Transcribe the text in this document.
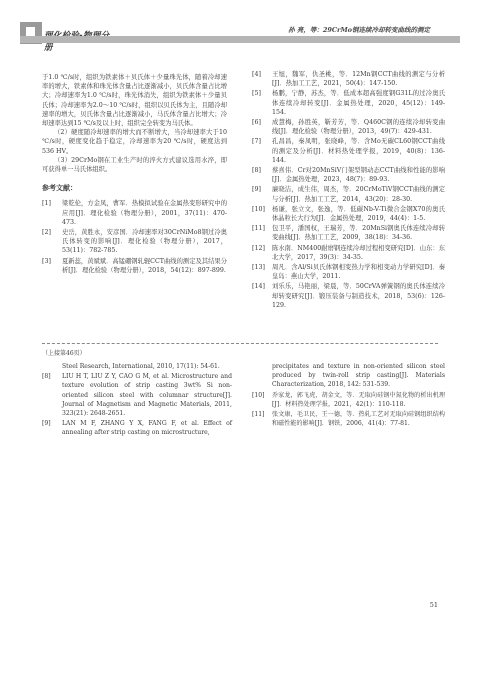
册
孙 亮，等：29CrMo钢连续冷却转变曲线的测定

于1.0 ℃/s时，组织为铁素体＋贝氏体＋少量珠光体，随着冷却速率的增大，铁素体和珠光体含量占比逐渐减小，贝氏体含量占比增大；冷却速率为1.0 ℃/s时，珠光体消失，组织为铁素体＋少量贝氏体；冷却速率为2.0～10 ℃/s时，组织以贝氏体为主，且随冷却速率的增大，贝氏体含量占比逐渐减小，马氏体含量占比增大；冷却速率达到15 ℃/s及以上时，组织完全转变为马氏体。

（2）硬度随冷却速率的增大而不断增大，当冷却速率大于10 ℃/s时，硬度变化趋于稳定，冷却速率为20 ℃/s时，硬度达到536 HV。

（3）29CrMo钢在工业生产时的淬火方式建议选用水淬，即可获得单一马氏体组织。

参考文献：
[1]	梁乾伦，方金凤，曹军．热模拟试验在金属热变形研究中的应用[J]．理化检验（物理分册），2001，37(11)：470-473.
[2]	史岳，黄胜永，安彦国．冷却速率对30CrNiMo8钢过冷奥氏体转变的影响[J]．理化检验（物理分册），2017，53(11)：782-785.
[3]	夏新蕊，黄斌斌．高锰硼钢轧辊CCT曲线的测定及其结果分析[J]．理化检验（物理分册），2018，54(12)：897-899.
[4]	王旭，魏军，仇圣桃，等．12Mn钢CCT曲线的测定与分析[J]．热加工工艺，2021，50(4)：147-150.
[5]	杨鹏，宁静，苏杰，等．低成本超高强度钢G31L的过冷奥氏体连续冷却转变[J]．金属热处理，2020，45(12)：149-154.
[6]	成慧梅，孙胜英，靳芳芳，等．Q460C钢的连续冷却转变曲线[J]．理化检验（物理分册），2013，49(7)：429-431.
[7]	孔昌昌，秦凤明，张晓峰，等．含Mo无碳CL60钢CCT曲线的测定及分析[J]．材料热处理学报，2019，40(8)：136-144.
[8]	蔡喜伟．Cr对20MnSiV门架型钢动态CCT曲线和性能的影响[J]．金属热处理，2023，48(7)：89-93.
[9]	廉晓洁，成生伟，周杰，等．20CrMoTiV钢CCT曲线的测定与分析[J]．热加工工艺，2014，43(20)：28-30.
[10]	杨谦，张立文，张逸，等．低碳Nb-V-Ti微合金钢X70的奥氏体晶粒长大行为[J]．金属热处理，2019，44(4)：1-5.
[11]	包卫平，潘国权，王瑞芳，等．20MnSi钢奥氏体连续冷却转变曲线[J]．热加工工艺，2009，38(18)：34-36.
[12]	陈水南．NM400耐磨钢连续冷却过程相变研究[D]．山东：东北大学，2017，39(3)：34-35.
[13]	周凡．含Al/Si贝氏体钢相变热力学和相变动力学研究[D]．秦皇岛：燕山大学，2011.
[14]	刘乐乐，马艳丽，梁晨，等．50CrVA弹簧钢的奥氏体连续冷却转变研究[J]．锻压装备与制造技术，2018，53(6)：126-129.
（上接第46页）
Steel Research, International, 2010, 17(11): 54-61.
[8]	LIU H T, LIU Z Y, CAO G M, et al. Microstructure and texture evolution of strip casting 3wt% Si non-oriented silicon steel with columnar structure[J]. Journal of Magnetism and Magnetic Materials, 2011, 323(21): 2648-2651.
[9]	LAN M F, ZHANG Y X, FANG F, et al. Effect of annealing after strip casting on microstructure,
precipitates and texture in non-oriented silicon steel produced by twin-roll strip casting[J]. Materials Characterization, 2018, 142: 531-539.
[10]	乔家龙，郭飞虎，胡金文，等．无取向硅钢中氮化物的析出机理[J]．材料热处理学报，2021，42(1)：110-118.
[11]	张文康，毛卫民，王一德，等．热轧工艺对无取向硅钢组织结构和磁性能的影响[J]．钢铁，2006，41(4)：77-81.
51
